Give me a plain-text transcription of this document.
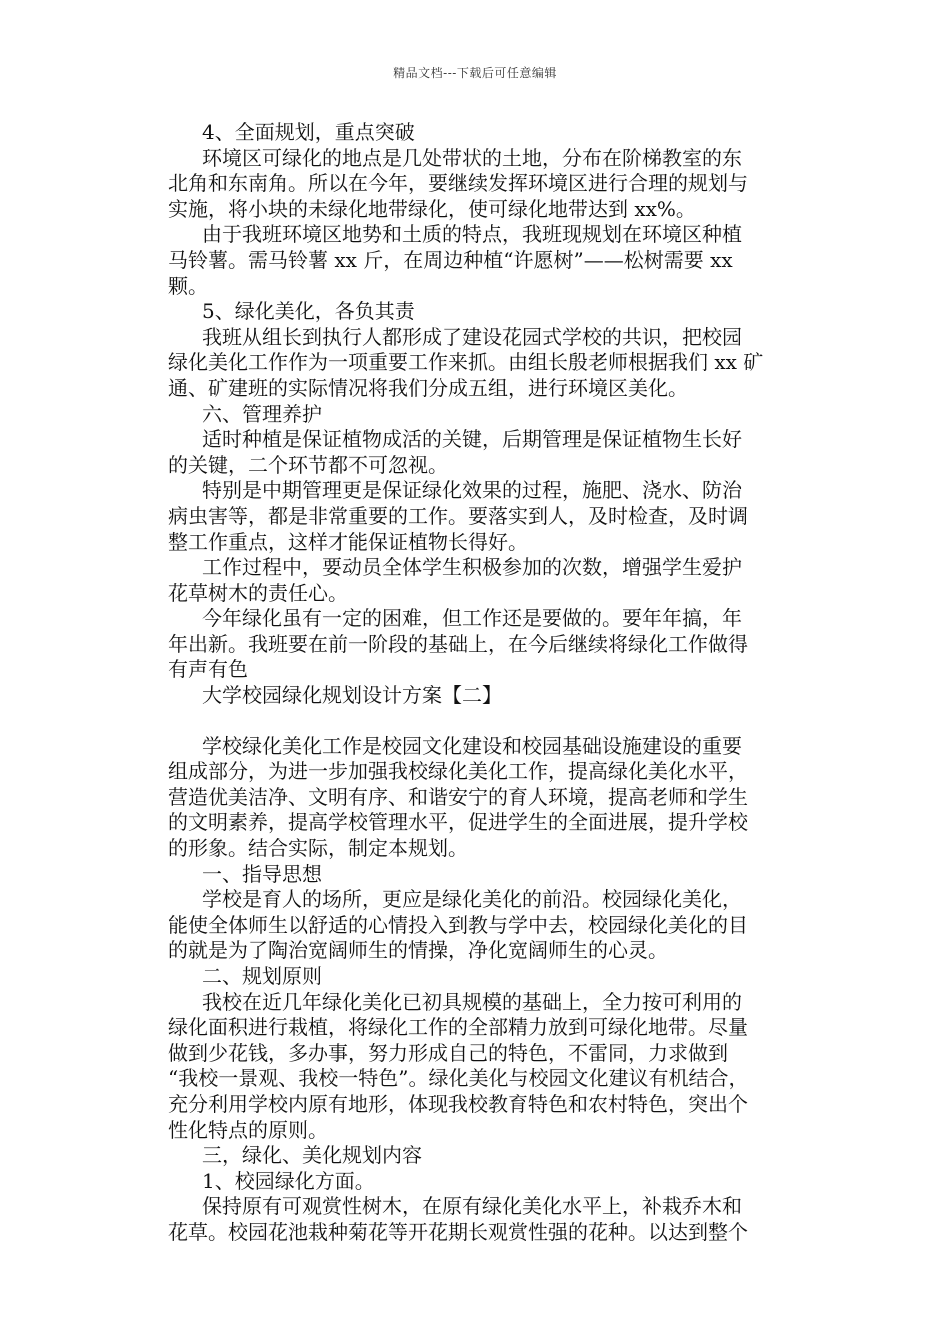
精品文档---下载后可任意编辑
4、全面规划，重点突破
环境区可绿化的地点是几处带状的土地，分布在阶梯教室的东
北角和东南角。所以在今年，要继续发挥环境区进行合理的规划与
实施，将小块的未绿化地带绿化，使可绿化地带达到 xx%。
由于我班环境区地势和土质的特点，我班现规划在环境区种植
马铃薯。需马铃薯 xx 斤，在周边种植“许愿树”——松树需要 xx
颗。
5、绿化美化，各负其责
我班从组长到执行人都形成了建设花园式学校的共识，把校园
绿化美化工作作为一项重要工作来抓。由组长殷老师根据我们 xx 矿
通、矿建班的实际情况将我们分成五组，进行环境区美化。
六、管理养护
适时种植是保证植物成活的关键，后期管理是保证植物生长好
的关键，二个环节都不可忽视。
特别是中期管理更是保证绿化效果的过程，施肥、浇水、防治
病虫害等，都是非常重要的工作。要落实到人，及时检查，及时调
整工作重点，这样才能保证植物长得好。
工作过程中，要动员全体学生积极参加的次数，增强学生爱护
花草树木的责任心。
今年绿化虽有一定的困难，但工作还是要做的。要年年搞，年
年出新。我班要在前一阶段的基础上，在今后继续将绿化工作做得
有声有色
大学校园绿化规划设计方案【二】
学校绿化美化工作是校园文化建设和校园基础设施建设的重要
组成部分，为进一步加强我校绿化美化工作，提高绿化美化水平，
营造优美洁净、文明有序、和谐安宁的育人环境，提高老师和学生
的文明素养，提高学校管理水平，促进学生的全面进展，提升学校
的形象。结合实际，制定本规划。
一、指导思想
学校是育人的场所，更应是绿化美化的前沿。校园绿化美化，
能使全体师生以舒适的心情投入到教与学中去，校园绿化美化的目
的就是为了陶治宽阔师生的情操，净化宽阔师生的心灵。
二、规划原则
我校在近几年绿化美化已初具规模的基础上，全力按可利用的
绿化面积进行栽植，将绿化工作的全部精力放到可绿化地带。尽量
做到少花钱，多办事，努力形成自己的特色，不雷同，力求做到
“我校一景观、我校一特色”。绿化美化与校园文化建议有机结合，
充分利用学校内原有地形，体现我校教育特色和农村特色，突出个
性化特点的原则。
三，绿化、美化规划内容
1、校园绿化方面。
保持原有可观赏性树木，在原有绿化美化水平上，补栽乔木和
花草。校园花池栽种菊花等开花期长观赏性强的花种。以达到整个
